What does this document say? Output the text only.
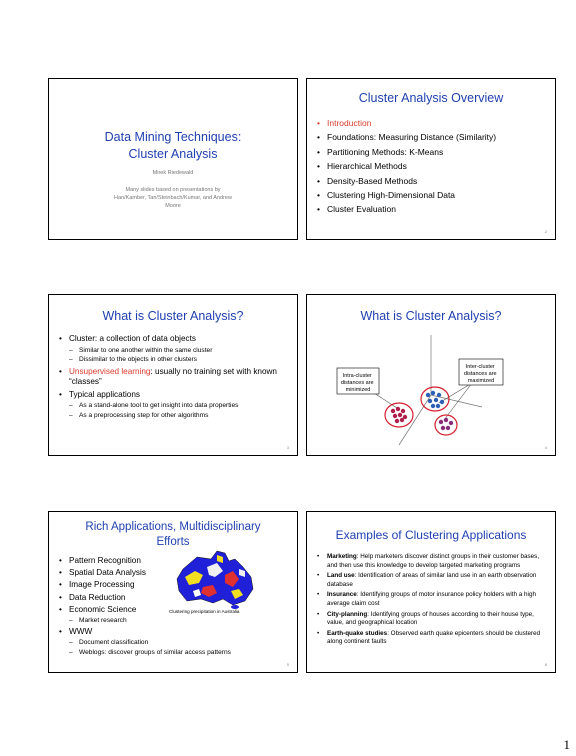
Data Mining Techniques:
Cluster Analysis
Mirek Riedewald
Many slides based on presentations by
Han/Kamber, Tan/Steinbach/Kumar, and Andrew
Moore
Cluster Analysis Overview
• Introduction
• Foundations: Measuring Distance (Similarity)
• Partitioning Methods: K-Means
• Hierarchical Methods
• Density-Based Methods
• Clustering High-Dimensional Data
• Cluster Evaluation
2
What is Cluster Analysis?
• Cluster: a collection of data objects
– Similar to one another within the same cluster
– Dissimilar to the objects in other clusters
• Unsupervised learning: usually no training set with known “classes”
• Typical applications
– As a stand-alone tool to get insight into data properties
– As a preprocessing step for other algorithms
3
What is Cluster Analysis?
Intra-cluster distances are minimized
Inter-cluster distances are maximized
4
Rich Applications, Multidisciplinary
Efforts
• Pattern Recognition
• Spatial Data Analysis
• Image Processing
• Data Reduction
• Economic Science
– Market research
• WWW
– Document classification
– Weblogs: discover groups of similar access patterns
Clustering precipitation in Australia
5
Examples of Clustering Applications
• Marketing: Help marketers discover distinct groups in their customer bases, and then use this knowledge to develop targeted marketing programs
• Land use: Identification of areas of similar land use in an earth observation database
• Insurance: Identifying groups of motor insurance policy holders with a high average claim cost
• City-planning: Identifying groups of houses according to their house type, value, and geographical location
• Earth-quake studies: Observed earth quake epicenters should be clustered along continent faults
6
1
